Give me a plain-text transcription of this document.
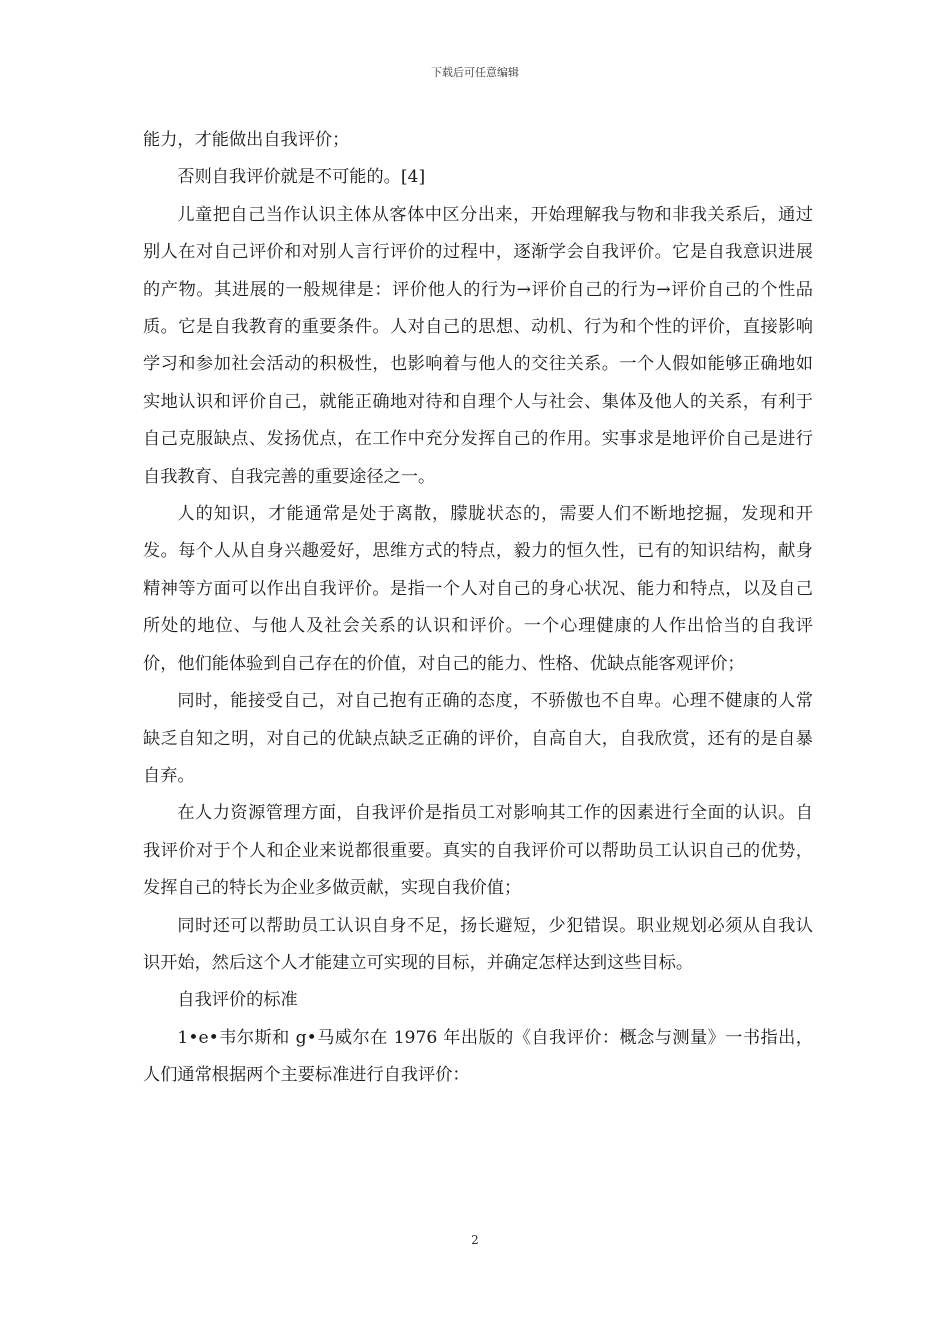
下载后可任意编辑

能力，才能做出自我评价；

否则自我评价就是不可能的。[4]

儿童把自己当作认识主体从客体中区分出来，开始理解我与物和非我关系后，通过别人在对自己评价和对别人言行评价的过程中，逐渐学会自我评价。它是自我意识进展的产物。其进展的一般规律是：评价他人的行为→评价自己的行为→评价自己的个性品质。它是自我教育的重要条件。人对自己的思想、动机、行为和个性的评价，直接影响学习和参加社会活动的积极性，也影响着与他人的交往关系。一个人假如能够正确地如实地认识和评价自己，就能正确地对待和自理个人与社会、集体及他人的关系，有利于自己克服缺点、发扬优点，在工作中充分发挥自己的作用。实事求是地评价自己是进行自我教育、自我完善的重要途径之一。

人的知识，才能通常是处于离散，朦胧状态的，需要人们不断地挖掘，发现和开发。每个人从自身兴趣爱好，思维方式的特点，毅力的恒久性，已有的知识结构，献身精神等方面可以作出自我评价。是指一个人对自己的身心状况、能力和特点，以及自己所处的地位、与他人及社会关系的认识和评价。一个心理健康的人作出恰当的自我评价，他们能体验到自己存在的价值，对自己的能力、性格、优缺点能客观评价；

同时，能接受自己，对自己抱有正确的态度，不骄傲也不自卑。心理不健康的人常缺乏自知之明，对自己的优缺点缺乏正确的评价，自高自大，自我欣赏，还有的是自暴自弃。

在人力资源管理方面，自我评价是指员工对影响其工作的因素进行全面的认识。自我评价对于个人和企业来说都很重要。真实的自我评价可以帮助员工认识自己的优势，发挥自己的特长为企业多做贡献，实现自我价值；

同时还可以帮助员工认识自身不足，扬长避短，少犯错误。职业规划必须从自我认识开始，然后这个人才能建立可实现的目标，并确定怎样达到这些目标。

自我评价的标准

1•e•韦尔斯和 g•马威尔在 1976 年出版的《自我评价：概念与测量》一书指出，人们通常根据两个主要标准进行自我评价：

2
